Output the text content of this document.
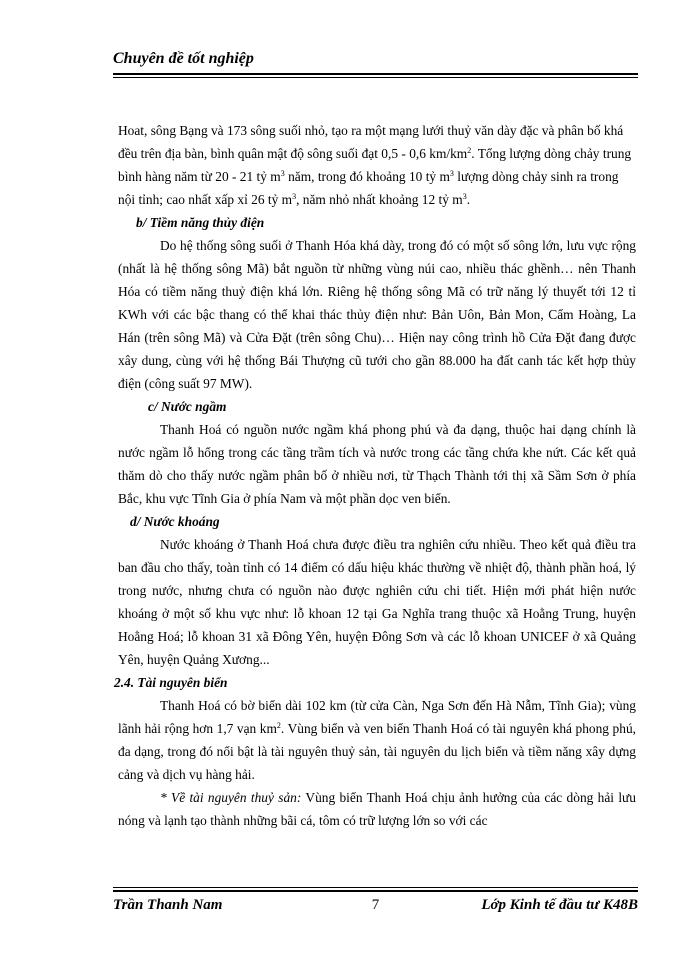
Chuyên đề tốt nghiệp

Hoat, sông Bạng và 173 sông suối nhỏ, tạo ra một mạng lưới thuỷ văn dày đặc và phân bố khá đều trên địa bàn, bình quân mật độ sông suối đạt 0,5 - 0,6 $km/km^2$. Tổng lượng dòng chảy trung bình hàng năm từ 20 - 21 tỷ $m^3$ năm, trong đó khoảng 10 tỷ $m^3$ lượng dòng chảy sinh ra trong nội tỉnh; cao nhất xấp xỉ 26 tỷ $m^3$, năm nhỏ nhất khoảng 12 tỷ $m^3$.

b/ Tiềm năng thủy điện

Do hệ thống sông suối ở Thanh Hóa khá dày, trong đó có một số sông lớn, lưu vực rộng (nhất là hệ thống sông Mã) bắt nguồn từ những vùng núi cao, nhiều thác ghềnh… nên Thanh Hóa có tiềm năng thuỷ điện khá lớn. Riêng hệ thống sông Mã có trữ năng lý thuyết tới 12 tỉ KWh với các bậc thang có thể khai thác thủy điện như: Bản Uôn, Bản Mon, Cẩm Hoàng, La Hán (trên sông Mã) và Cửa Đặt (trên sông Chu)… Hiện nay công trình hồ Cửa Đặt đang được xây dung, cùng với hệ thống Bái Thượng cũ tưới cho gần 88.000 ha đất canh tác kết hợp thủy điện (công suất 97 MW).

c/ Nước ngầm

Thanh Hoá có nguồn nước ngầm khá phong phú và đa dạng, thuộc hai dạng chính là nước ngầm lỗ hổng trong các tầng trầm tích và nước trong các tầng chứa khe nứt. Các kết quả thăm dò cho thấy nước ngầm phân bố ở nhiều nơi, từ Thạch Thành tới thị xã Sầm Sơn ở phía Bắc, khu vực Tĩnh Gia ở phía Nam và một phần dọc ven biển.

d/ Nước khoáng

Nước khoáng ở Thanh Hoá chưa được điều tra nghiên cứu nhiều. Theo kết quả điều tra ban đầu cho thấy, toàn tỉnh có 14 điểm có dấu hiệu khác thường về nhiệt độ, thành phần hoá, lý trong nước, nhưng chưa có nguồn nào được nghiên cứu chi tiết. Hiện mới phát hiện nước khoáng ở một số khu vực như: lỗ khoan 12 tại Ga Nghĩa trang thuộc xã Hoằng Trung, huyện Hoằng Hoá; lỗ khoan 31 xã Đông Yên, huyện Đông Sơn và các lỗ khoan UNICEF ở xã Quảng Yên, huyện Quảng Xương...

2.4. Tài nguyên biển

Thanh Hoá có bờ biển dài 102 km (từ cửa Càn, Nga Sơn đến Hà Nẫm, Tĩnh Gia); vùng lãnh hải rộng hơn 1,7 vạn $km^2$. Vùng biển và ven biển Thanh Hoá có tài nguyên khá phong phú, đa dạng, trong đó nổi bật là tài nguyên thuỷ sản, tài nguyên du lịch biển và tiềm năng xây dựng cảng và dịch vụ hàng hải.

* Về tài nguyên thuỷ sản: Vùng biển Thanh Hoá chịu ảnh hưởng của các dòng hải lưu nóng và lạnh tạo thành những bãi cá, tôm có trữ lượng lớn so với các

Trần Thanh Nam	7	Lớp Kinh tế đầu tư K48B
